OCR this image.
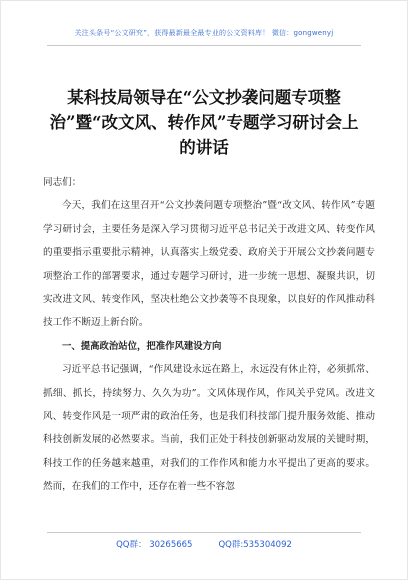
关注头条号“公文研究”，获得最新最全最专业的公文资料库！ 微信：gongwenyj
某科技局领导在“公文抄袭问题专项整治”暨“改文风、转作风”专题学习研讨会上的讲话

同志们：

今天，我们在这里召开“公文抄袭问题专项整治”暨“改文风、转作风”专题学习研讨会，主要任务是深入学习贯彻习近平总书记关于改进文风、转变作风的重要指示重要批示精神，认真落实上级党委、政府关于开展公文抄袭问题专项整治工作的部署要求，通过专题学习研讨，进一步统一思想、凝聚共识，切实改进文风、转变作风，坚决杜绝公文抄袭等不良现象，以良好的作风推动科技工作不断迈上新台阶。

一、提高政治站位，把准作风建设方向

习近平总书记强调，“作风建设永远在路上，永远没有休止符，必须抓常、抓细、抓长，持续努力、久久为功”。文风体现作风，作风关乎党风。改进文风、转变作风是一项严肃的政治任务，也是我们科技部门提升服务效能、推动科技创新发展的必然要求。当前，我们正处于科技创新驱动发展的关键时期，科技工作的任务越来越重，对我们的工作作风和能力水平提出了更高的要求。然而，在我们的工作中，还存在着一些不容忽

QQ群： 30265665	QQ群:535304092
